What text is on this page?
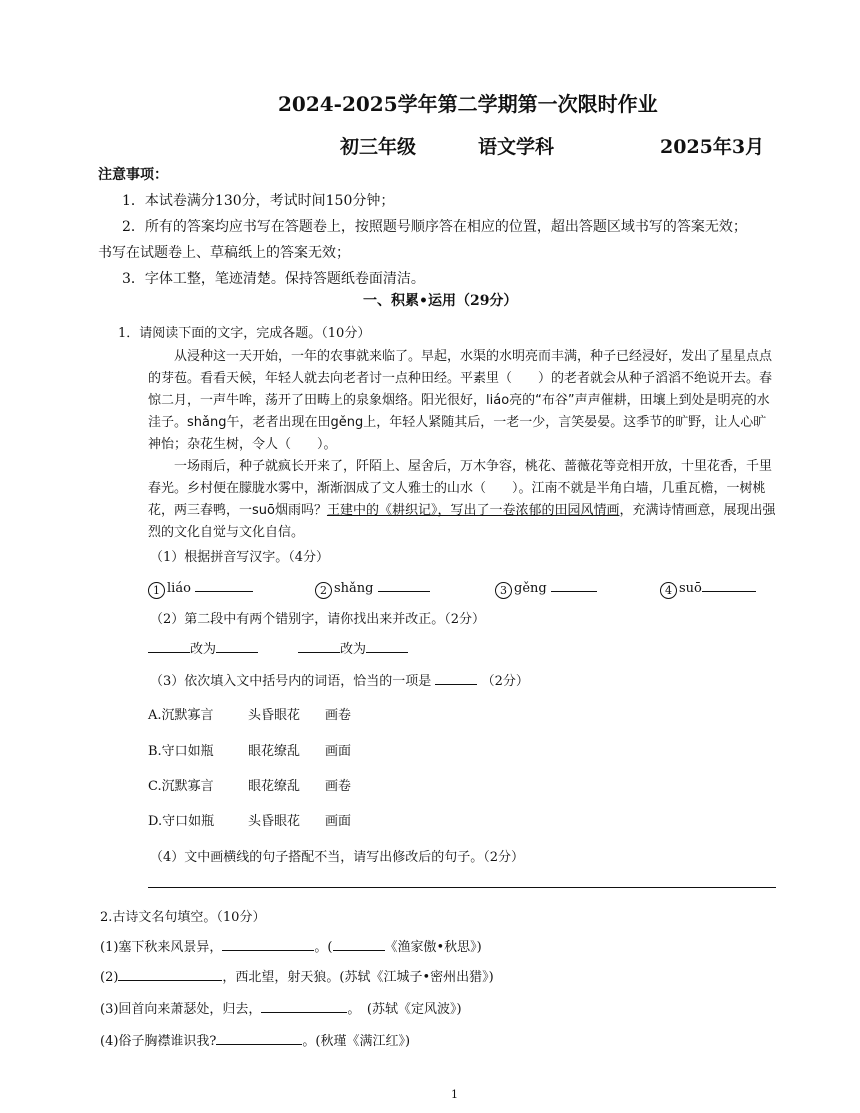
2024-2025学年第二学期第一次限时作业
初三年级	语文学科	2025年3月
注意事项：
1．本试卷满分130分，考试时间150分钟；
2．所有的答案均应书写在答题卷上，按照题号顺序答在相应的位置，超出答题区域书写的答案无效；
书写在试题卷上、草稿纸上的答案无效；
3．字体工整，笔迹清楚。保持答题纸卷面清洁。
一、积累•运用（29分）
1．请阅读下面的文字，完成各题。（10分）
从浸种这一天开始，一年的农事就来临了。早起，水渠的水明亮而丰满，种子已经浸好，发出了星星点点的芽苞。看看天候，年轻人就去向老者讨一点种田经。平素里（　　）的老者就会从种子滔滔不绝说开去。春惊二月，一声牛哞，荡开了田畴上的泉象烟络。阳光很好，liáo亮的“布谷”声声催耕，田壤上到处是明亮的水洼子。shǎng午，老者出现在田gěng上，年轻人紧随其后，一老一少，言笑晏晏。这季节的旷野，让人心旷神怡；杂花生树，令人（　　）。
一场雨后，种子就疯长开来了，阡陌上、屋舍后，万木争容，桃花、蔷薇花等竞相开放，十里花香，千里春光。乡村便在朦胧水雾中，渐渐洇成了文人雅士的山水（　　）。江南不就是半角白墙，几重瓦檐，一树桃花，两三春鸭，一suō烟雨吗？王建中的《耕织记》，写出了一卷浓郁的田园风情画，充满诗情画意，展现出强烈的文化自觉与文化自信。
（1）根据拼音写汉字。（4分）
1 liáo	2 shǎng	3 gěng	4 suō
（2）第二段中有两个错别字，请你找出来并改正。（2分）
改为	改为
（3）依次填入文中括号内的词语，恰当的一项是	（2分）
A.沉默寡言	头昏眼花 画卷
B.守口如瓶	眼花缭乱 画面
C.沉默寡言	眼花缭乱 画卷
D.守口如瓶	头昏眼花 画面
（4）文中画横线的句子搭配不当，请写出修改后的句子。（2分）
2.古诗文名句填空。（10分）
(1)塞下秋来风景异，	。(	《渔家傲•秋思》)
(2)	，西北望，射天狼。(苏轼《江城子•密州出猎》)
(3)回首向来萧瑟处，归去，	。　(苏轼《定风波》)
(4)俗子胸襟谁识我?	。(秋瑾《满江红》)
1
